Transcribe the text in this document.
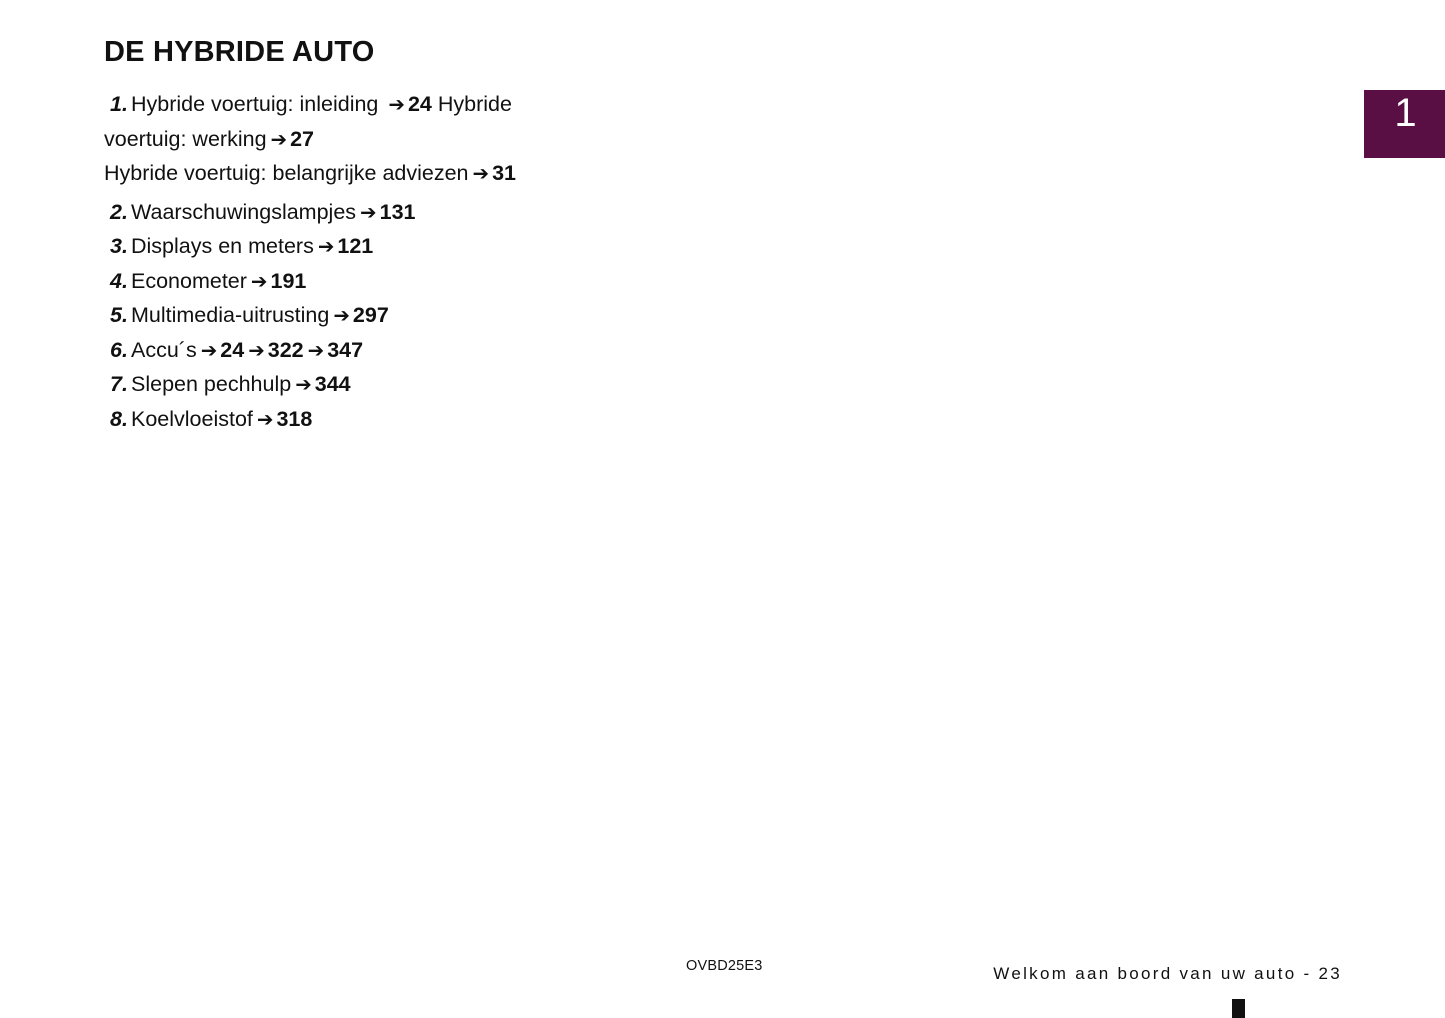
DE HYBRIDE AUTO
1. Hybride voertuig: inleiding ➔ 24 Hybride
voertuig: werking ➔ 27
Hybride voertuig: belangrijke adviezen ➔ 31
2. Waarschuwingslampjes ➔ 131
3. Displays en meters ➔ 121
4. Econometer ➔ 191
5. Multimedia-uitrusting ➔ 297
6. Accu´s ➔ 24 ➔ 322 ➔ 347
7. Slepen pechhulp ➔ 344
8. Koelvloeistof ➔ 318
1
OVBD25E3	Welkom aan boord van uw auto - 23
